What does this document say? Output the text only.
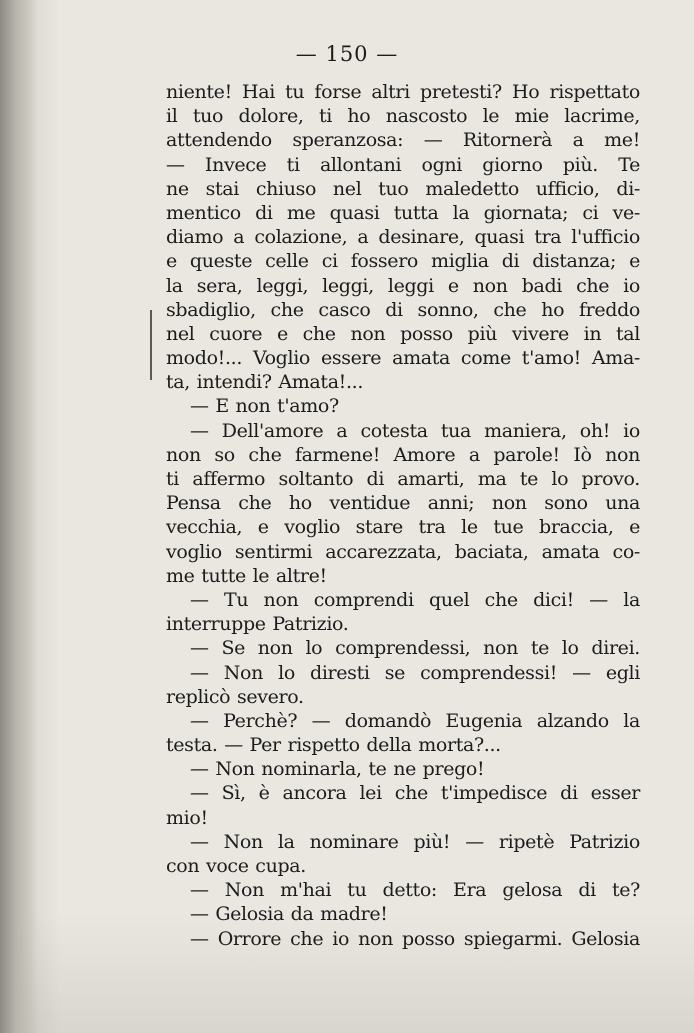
— 150 —
niente! Hai tu forse altri pretesti? Ho rispettato
il tuo dolore, ti ho nascosto le mie lacrime,
attendendo speranzosa: — Ritornerà a me!
— Invece ti allontani ogni giorno più. Te
ne stai chiuso nel tuo maledetto ufficio, di-
mentico di me quasi tutta la giornata; ci ve-
diamo a colazione, a desinare, quasi tra l'ufficio
e queste celle ci fossero miglia di distanza; e
la sera, leggi, leggi, leggi e non badi che io
sbadiglio, che casco di sonno, che ho freddo
nel cuore e che non posso più vivere in tal
modo!... Voglio essere amata come t'amo! Ama-
ta, intendi? Amata!...
— E non t'amo?
— Dell'amore a cotesta tua maniera, oh! io
non so che farmene! Amore a parole! Iò non
ti affermo soltanto di amarti, ma te lo provo.
Pensa che ho ventidue anni; non sono una
vecchia, e voglio stare tra le tue braccia, e
voglio sentirmi accarezzata, baciata, amata co-
me tutte le altre!
— Tu non comprendi quel che dici! — la
interruppe Patrizio.
— Se non lo comprendessi, non te lo direi.
— Non lo diresti se comprendessi! — egli
replicò severo.
— Perchè? — domandò Eugenia alzando la
testa. — Per rispetto della morta?...
— Non nominarla, te ne prego!
— Sì, è ancora lei che t'impedisce di esser
mio!
— Non la nominare più! — ripetè Patrizio
con voce cupa.
— Non m'hai tu detto: Era gelosa di te?
— Gelosia da madre!
— Orrore che io non posso spiegarmi. Gelosia
